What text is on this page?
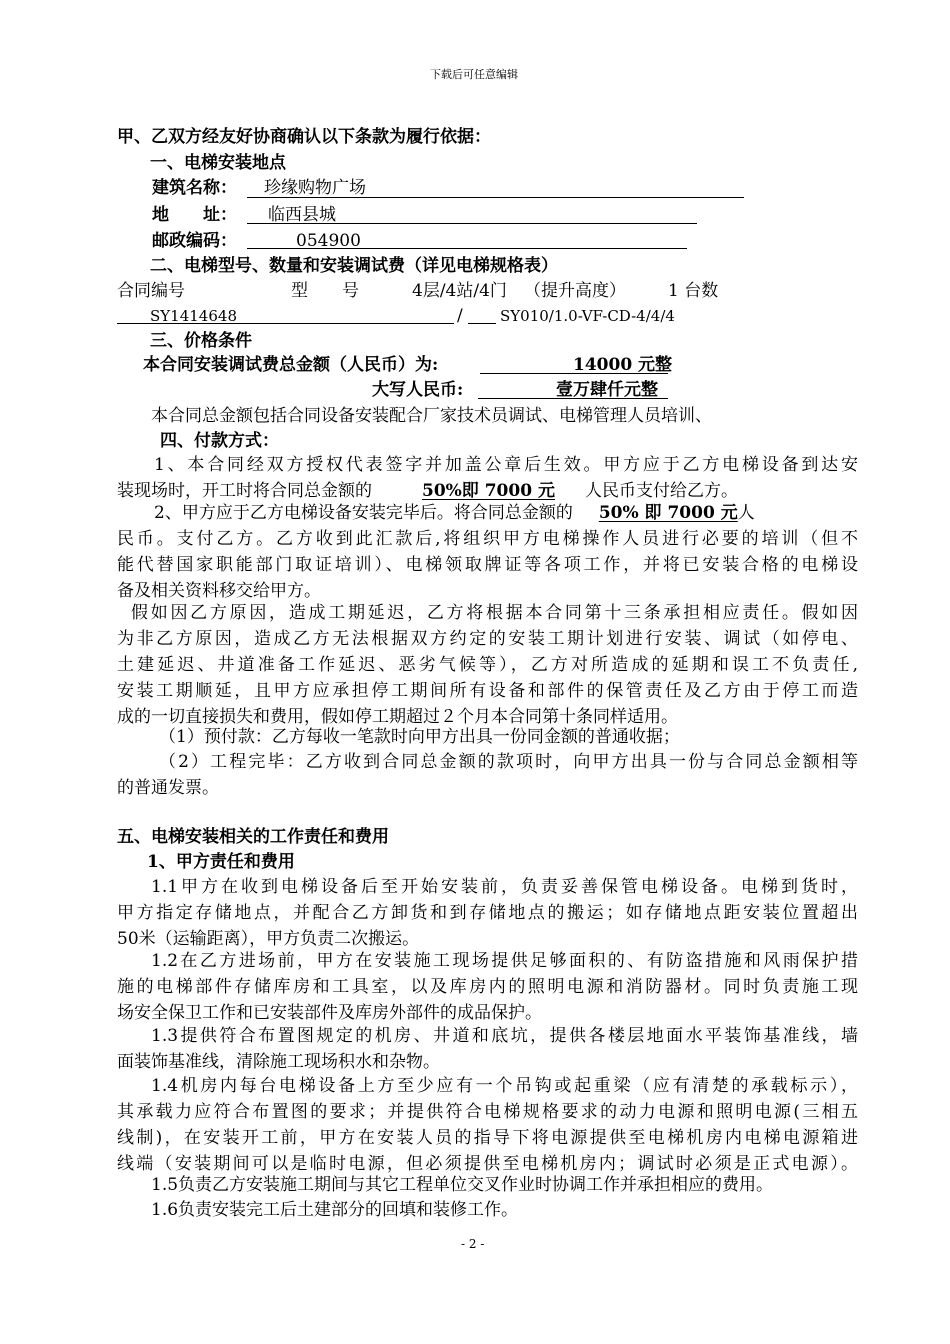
下载后可任意编辑
甲、乙双方经友好协商确认以下条款为履行依据：
一、电梯安装地点
建筑名称： 珍缘购物广场
地　　址： 临西县城
邮政编码：	054900
二、电梯型号、数量和安装调试费（详见电梯规格表）
合同编号	型　　号	4层/4站/4门 （提升高度） 1 台数
SY1414648	/ SY010/1.0-VF-CD-4/4/4
三、价格条件
本合同安装调试费总金额（人民币）为:	14000 元整
大写人民币:	壹万肆仟元整
本合同总金额包括合同设备安装配合厂家技术员调试、电梯管理人员培训、
四、付款方式：
1、本合同经双方授权代表签字并加盖公章后生效。甲方应于乙方电梯设备到达安
装现场时，开工时将合同总金额的	50%即 7000 元 人民币支付给乙方。
2、甲方应于乙方电梯设备安装完毕后。将合同总金额的 50% 即 7000 元人
民币。支付乙方。乙方收到此汇款后,将组织甲方电梯操作人员进行必要的培训（但不
能代替国家职能部门取证培训）、电梯领取牌证等各项工作，并将已安装合格的电梯设
备及相关资料移交给甲方。
假如因乙方原因，造成工期延迟，乙方将根据本合同第十三条承担相应责任。假如因
为非乙方原因，造成乙方无法根据双方约定的安装工期计划进行安装、调试（如停电、
土建延迟、井道准备工作延迟、恶劣气候等），乙方对所造成的延期和误工不负责任,
安装工期顺延，且甲方应承担停工期间所有设备和部件的保管责任及乙方由于停工而造
成的一切直接损失和费用，假如停工期超过２个月本合同第十条同样适用。
（1）预付款：乙方每收一笔款时向甲方出具一份同金额的普通收据；
（2）工程完毕：乙方收到合同总金额的款项时，向甲方出具一份与合同总金额相等
的普通发票。
五、电梯安装相关的工作责任和费用
1、甲方责任和费用
1.1甲方在收到电梯设备后至开始安装前，负责妥善保管电梯设备。电梯到货时，
甲方指定存储地点，并配合乙方卸货和到存储地点的搬运；如存储地点距安装位置超出
50米（运输距离），甲方负责二次搬运。
1.2在乙方进场前，甲方在安装施工现场提供足够面积的、有防盗措施和风雨保护措
施的电梯部件存储库房和工具室，以及库房内的照明电源和消防器材。同时负责施工现
场安全保卫工作和已安装部件及库房外部件的成品保护。
1.3提供符合布置图规定的机房、井道和底坑，提供各楼层地面水平装饰基准线，墙
面装饰基准线，清除施工现场积水和杂物。
1.4机房内每台电梯设备上方至少应有一个吊钩或起重梁（应有清楚的承载标示），
其承载力应符合布置图的要求；并提供符合电梯规格要求的动力电源和照明电源(三相五
线制)，在安装开工前，甲方在安装人员的指导下将电源提供至电梯机房内电梯电源箱进
线端（安装期间可以是临时电源，但必须提供至电梯机房内；调试时必须是正式电源）。
1.5负责乙方安装施工期间与其它工程单位交叉作业时协调工作并承担相应的费用。
1.6负责安装完工后土建部分的回填和装修工作。
- 2 -
